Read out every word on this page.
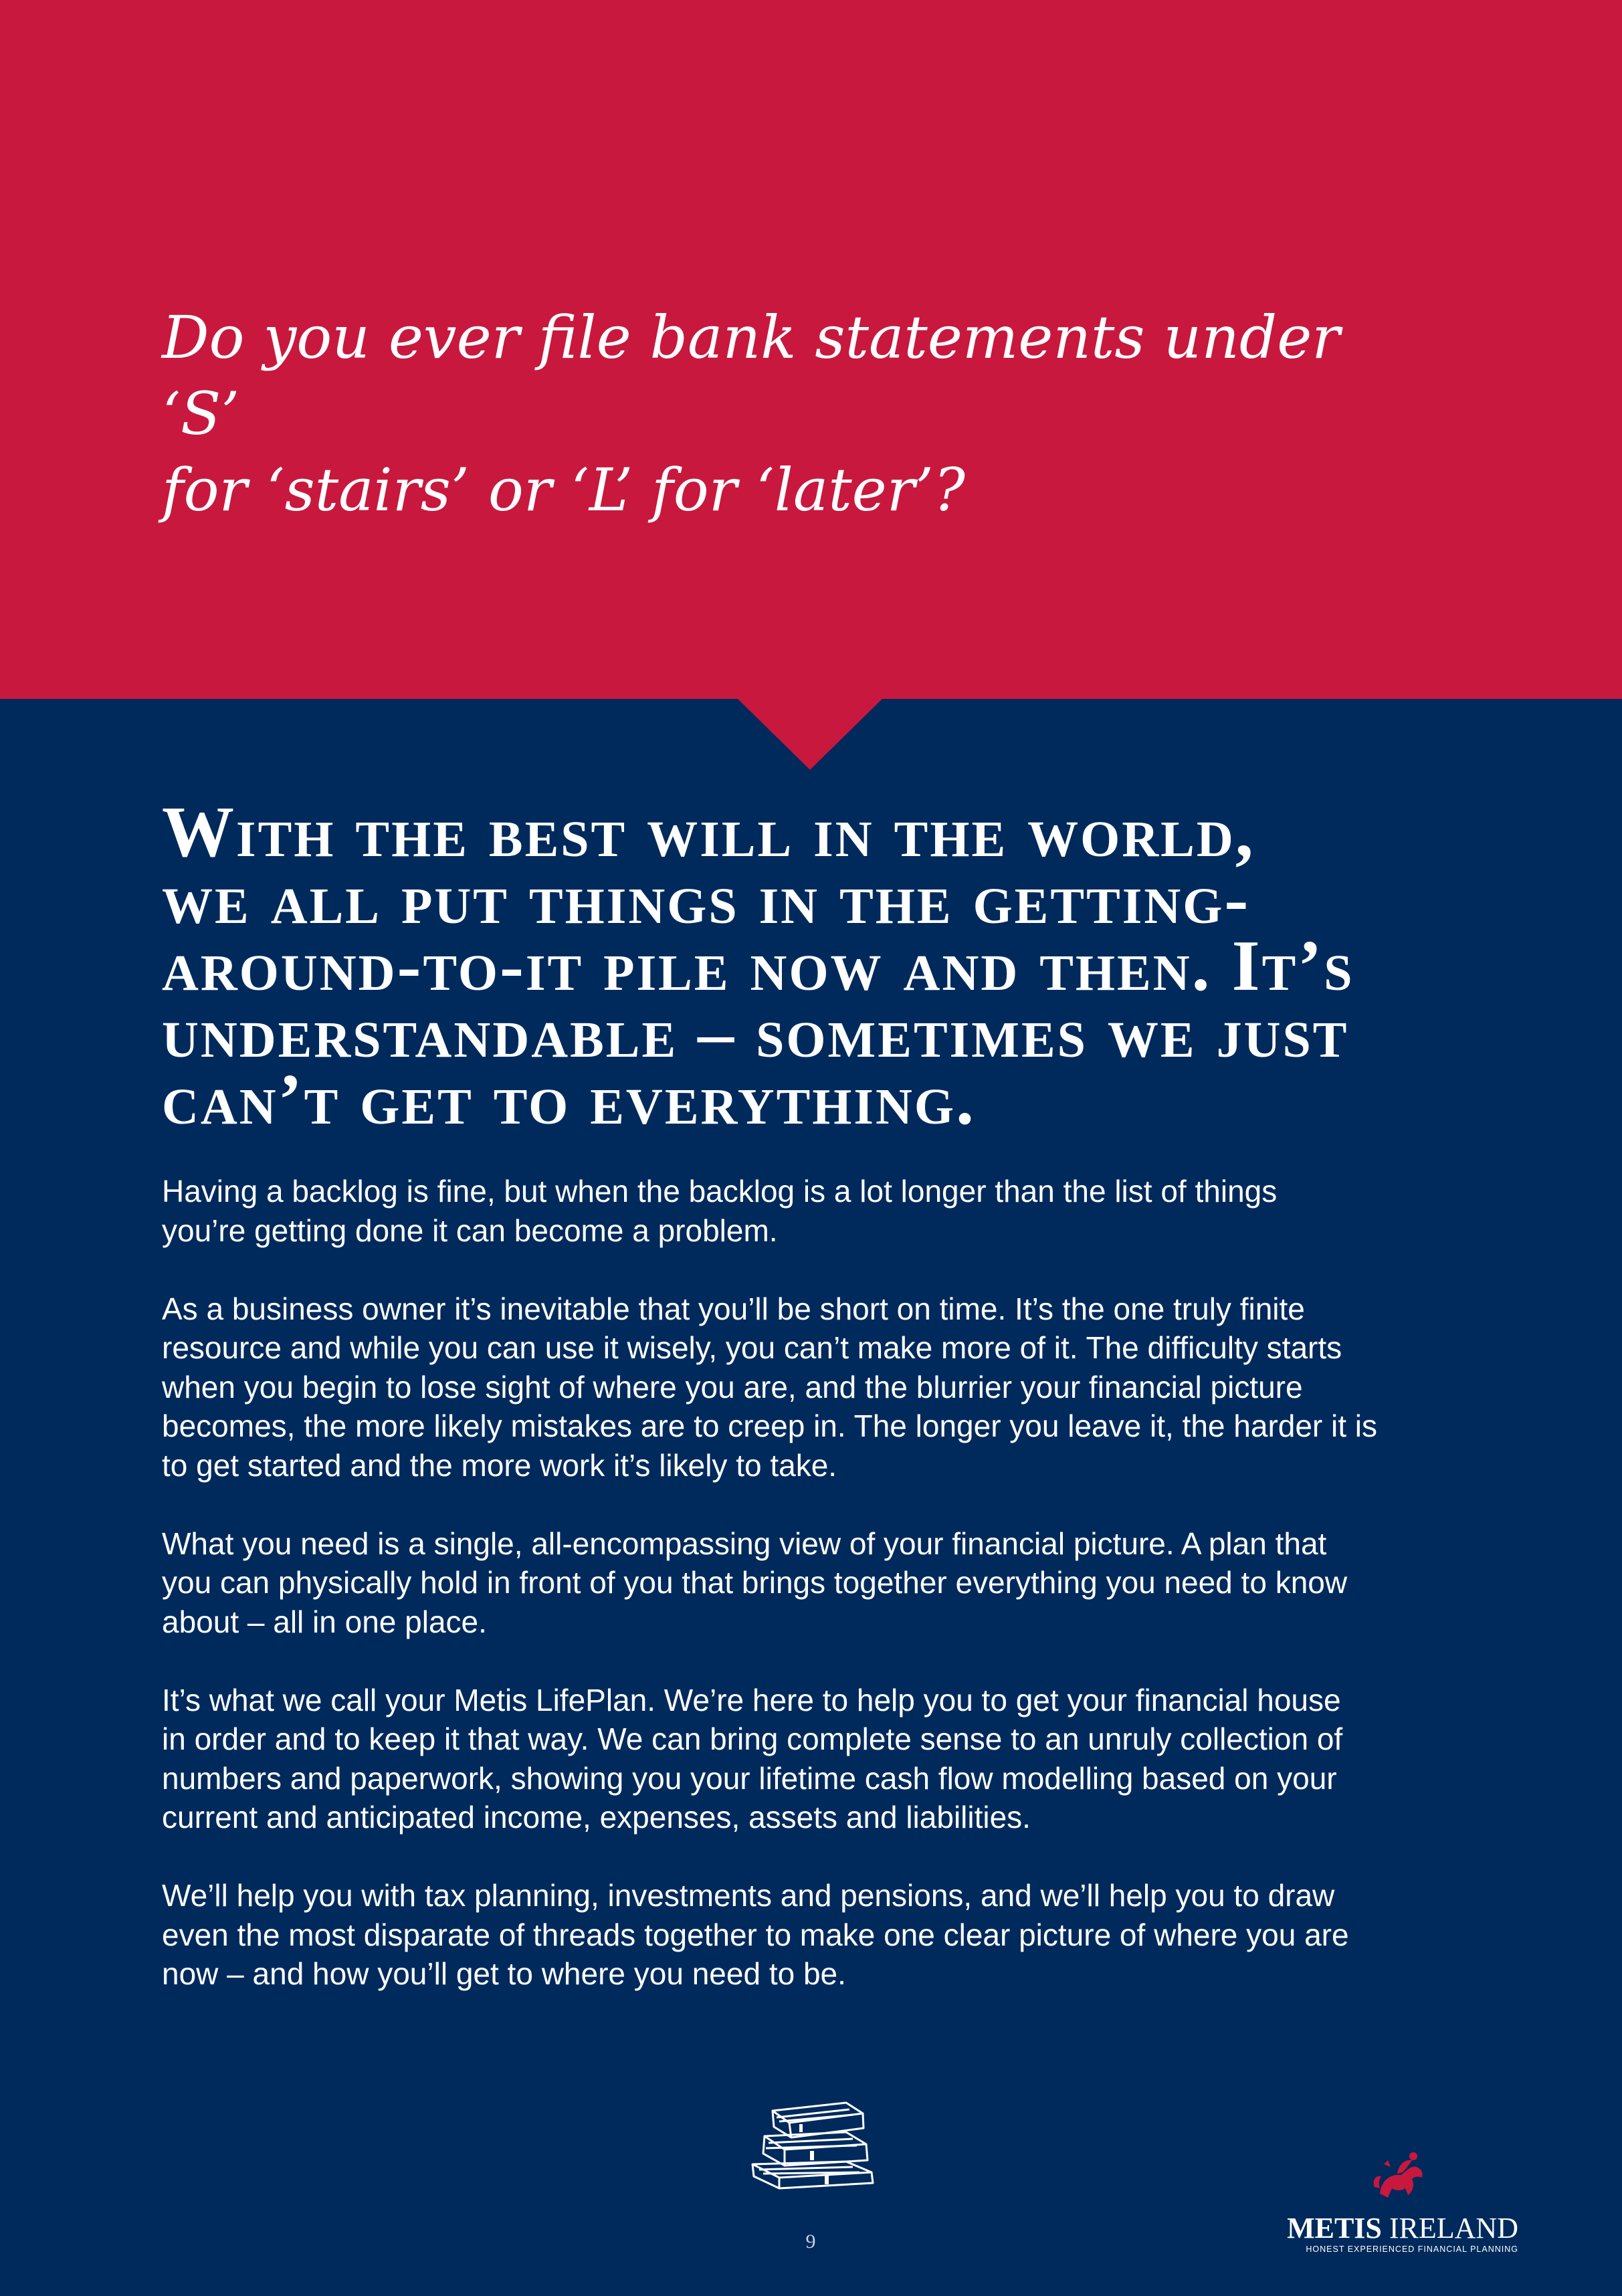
Do you ever file bank statements under ‘S’
for ‘stairs’ or ‘L’ for ‘later’?
With the best will in the world,
we all put things in the getting-
around-to-it pile now and then. It’s
understandable – sometimes we just
can’t get to everything.

Having a backlog is fine, but when the backlog is a lot longer than the list of things
you’re getting done it can become a problem.

As a business owner it’s inevitable that you’ll be short on time. It’s the one truly finite
resource and while you can use it wisely, you can’t make more of it. The difficulty starts
when you begin to lose sight of where you are, and the blurrier your financial picture
becomes, the more likely mistakes are to creep in. The longer you leave it, the harder it is
to get started and the more work it’s likely to take.

What you need is a single, all-encompassing view of your financial picture. A plan that
you can physically hold in front of you that brings together everything you need to know
about – all in one place.

It’s what we call your Metis LifePlan. We’re here to help you to get your financial house
in order and to keep it that way. We can bring complete sense to an unruly collection of
numbers and paperwork, showing you your lifetime cash flow modelling based on your
current and anticipated income, expenses, assets and liabilities.

We’ll help you with tax planning, investments and pensions, and we’ll help you to draw
even the most disparate of threads together to make one clear picture of where you are
now – and how you’ll get to where you need to be.

9	METIS IRELAND
HONEST EXPERIENCED FINANCIAL PLANNING
